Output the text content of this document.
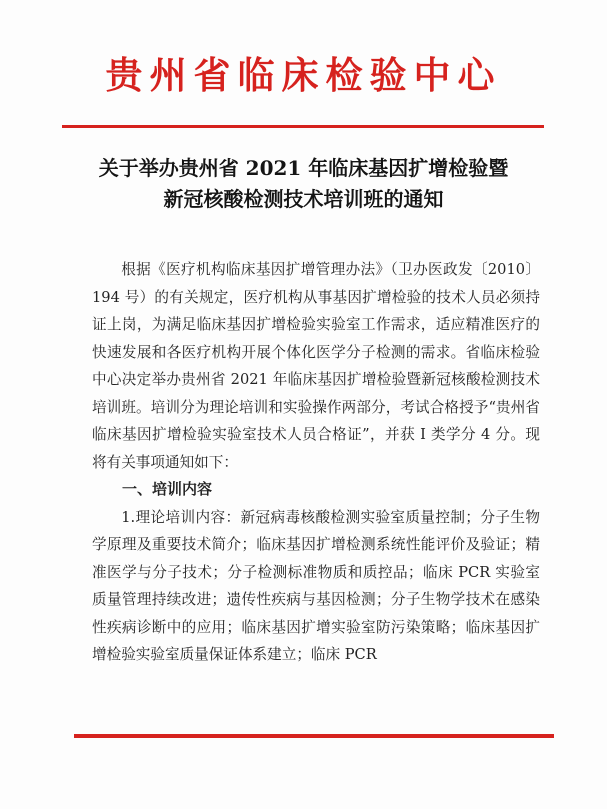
贵州省临床检验中心
关于举办贵州省 2021 年临床基因扩增检验暨
新冠核酸检测技术培训班的通知

根据《医疗机构临床基因扩增管理办法》（卫办医政发〔2010〕194 号）的有关规定，医疗机构从事基因扩增检验的技术人员必须持证上岗，为满足临床基因扩增检验实验室工作需求，适应精准医疗的快速发展和各医疗机构开展个体化医学分子检测的需求。省临床检验中心决定举办贵州省 2021 年临床基因扩增检验暨新冠核酸检测技术培训班。培训分为理论培训和实验操作两部分，考试合格授予“贵州省临床基因扩增检验实验室技术人员合格证”，并获 I 类学分 4 分。现将有关事项通知如下：

一、培训内容

1.理论培训内容：新冠病毒核酸检测实验室质量控制；分子生物学原理及重要技术简介；临床基因扩增检测系统性能评价及验证；精准医学与分子技术；分子检测标准物质和质控品；临床 PCR 实验室质量管理持续改进；遗传性疾病与基因检测；分子生物学技术在感染性疾病诊断中的应用；临床基因扩增实验室防污染策略；临床基因扩增检验实验室质量保证体系建立；临床 PCR
